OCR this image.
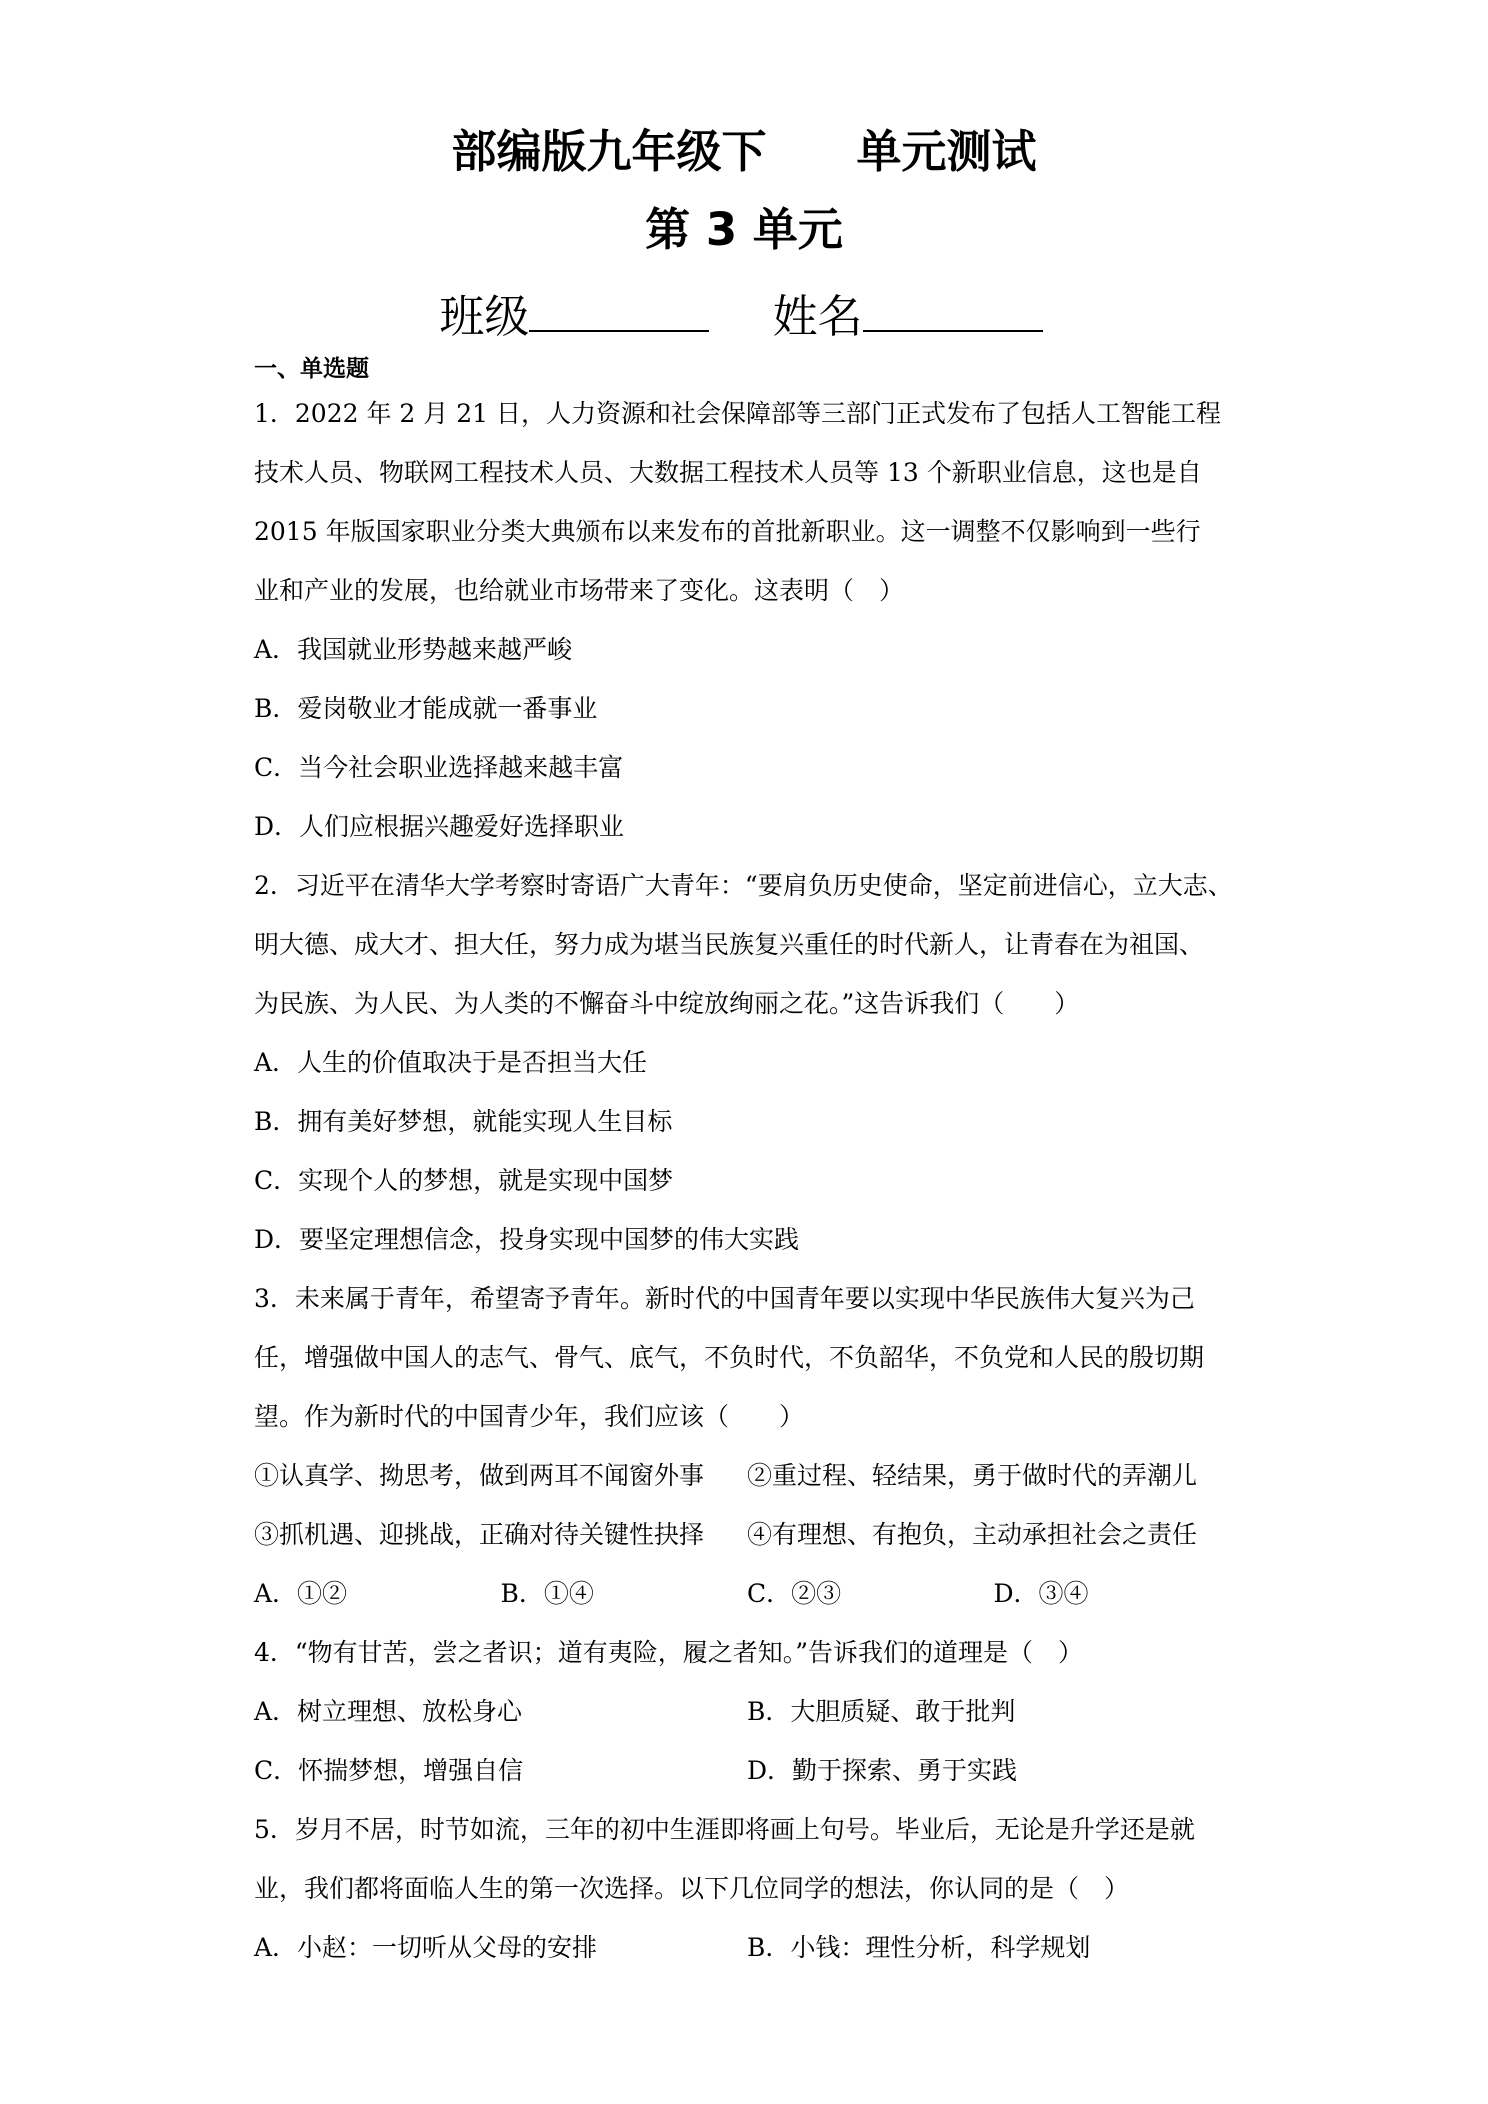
部编版九年级下　　单元测试
第 3 单元
班级	姓名
一、单选题
1．2022 年 2 月 21 日，人力资源和社会保障部等三部门正式发布了包括人工智能工程
技术人员、物联网工程技术人员、大数据工程技术人员等 13 个新职业信息，这也是自
2015 年版国家职业分类大典颁布以来发布的首批新职业。这一调整不仅影响到一些行
业和产业的发展，也给就业市场带来了变化。这表明（　）
A．我国就业形势越来越严峻
B．爱岗敬业才能成就一番事业
C．当今社会职业选择越来越丰富
D．人们应根据兴趣爱好选择职业
2．习近平在清华大学考察时寄语广大青年：“要肩负历史使命，坚定前进信心，立大志、
明大德、成大才、担大任，努力成为堪当民族复兴重任的时代新人，让青春在为祖国、
为民族、为人民、为人类的不懈奋斗中绽放绚丽之花。”这告诉我们（　　）
A．人生的价值取决于是否担当大任
B．拥有美好梦想，就能实现人生目标
C．实现个人的梦想，就是实现中国梦
D．要坚定理想信念，投身实现中国梦的伟大实践
3．未来属于青年，希望寄予青年。新时代的中国青年要以实现中华民族伟大复兴为己
任，增强做中国人的志气、骨气、底气，不负时代，不负韶华，不负党和人民的殷切期
望。作为新时代的中国青少年，我们应该（　　）
①认真学、拗思考，做到两耳不闻窗外事	②重过程、轻结果，勇于做时代的弄潮儿
③抓机遇、迎挑战，正确对待关键性抉择	④有理想、有抱负，主动承担社会之责任
A．①②	B．①④	C．②③	D．③④
4．“物有甘苦，尝之者识；道有夷险，履之者知。”告诉我们的道理是（　）
A．树立理想、放松身心	B．大胆质疑、敢于批判
C．怀揣梦想，增强自信	D．勤于探索、勇于实践
5．岁月不居，时节如流，三年的初中生涯即将画上句号。毕业后，无论是升学还是就
业，我们都将面临人生的第一次选择。以下几位同学的想法，你认同的是（　）
A．小赵：一切听从父母的安排	B．小钱：理性分析，科学规划
